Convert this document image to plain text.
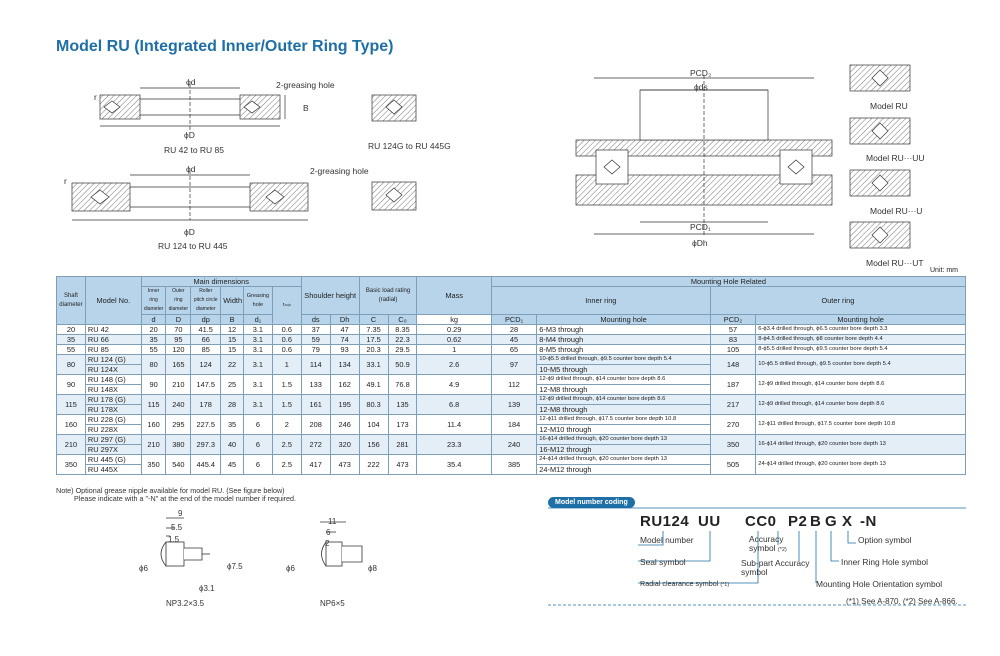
Model RU (Integrated Inner/Outer Ring Type)
ϕd	2-greasing hole
B
r
ϕD
RU 42 to RU 85	RU 124G to RU 445G
ϕd	2-greasing hole
r
ϕD
RU 124 to RU 445
PCD₂
ϕds
PCD₁
ϕDh
Model RU
Model RU···UU
Model RU···U
Model RU···UT
Unit: mm
Shaft diameter	Model No.	Main dimensions						Shoulder height		Basic load rating (radial)		Mass	Mounting Hole Related			
		Inner ring diameter	Outer ring diameter	Roller pitch circle diameter	Width	Greasing hole	rₘᵢₙ						Inner ring		Outer ring	
		d	D	dp	B	d₁		ds	Dh	C	C₀	kg	PCD₁	Mounting hole	PCD₂	Mounting hole
20	RU 42	20	70	41.5	12	3.1	0.6	37	47	7.35	8.35	0.29	28	6-M3 through	57	6-ϕ3.4 drilled through, ϕ6.5 counter bore depth 3.3
35	RU 66	35	95	66	15	3.1	0.6	59	74	17.5	22.3	0.62	45	8-M4 through	83	8-ϕ4.5 drilled through, ϕ8 counter bore depth 4.4
55	RU 85	55	120	85	15	3.1	0.6	79	93	20.3	29.5	1	65	8-M5 through	105	8-ϕ5.5 drilled through, ϕ9.5 counter bore depth 5.4
80	RU 124 (G)	80	165	124	22	3.1	1	114	134	33.1	50.9	2.6	97	10-ϕ5.5 drilled through, ϕ9.5 counter bore depth 5.4	148	10-ϕ5.5 drilled through, ϕ9.5 counter bore depth 5.4
	RU 124X													10-M5 through		
90	RU 148 (G)	90	210	147.5	25	3.1	1.5	133	162	49.1	76.8	4.9	112	12-ϕ9 drilled through, ϕ14 counter bore depth 8.6	187	12-ϕ9 drilled through, ϕ14 counter bore depth 8.6
	RU 148X													12-M8 through		
115	RU 178 (G)	115	240	178	28	3.1	1.5	161	195	80.3	135	6.8	139	12-ϕ9 drilled through, ϕ14 counter bore depth 8.6	217	12-ϕ9 drilled through, ϕ14 counter bore depth 8.6
	RU 178X													12-M8 through		
160	RU 228 (G)	160	295	227.5	35	6	2	208	246	104	173	11.4	184	12-ϕ11 drilled through, ϕ17.5 counter bore depth 10.8	270	12-ϕ11 drilled through, ϕ17.5 counter bore depth 10.8
	RU 228X													12-M10 through		
210	RU 297 (G)	210	380	297.3	40	6	2.5	272	320	156	281	23.3	240	16-ϕ14 drilled through, ϕ20 counter bore depth 13	350	16-ϕ14 drilled through, ϕ20 counter bore depth 13
	RU 297X													16-M12 through		
350	RU 445 (G)	350	540	445.4	45	6	2.5	417	473	222	473	35.4	385	24-ϕ14 drilled through, ϕ20 counter bore depth 13	505	24-ϕ14 drilled through, ϕ20 counter bore depth 13
	RU 445X													24-M12 through		
Note) Optional grease nipple available for model RU. (See figure below)
Please indicate with a "-N" at the end of the model number if required.
9
5.5
1.5
ϕ6	ϕ7.5
ϕ3.1
NP3.2×3.5
11
6
2
ϕ6	ϕ8
NP6×5
Model number coding
RU124 UU CC0 P2 B G X -N
Model number
Seal symbol
Radial clearance symbol (*1)
Accuracy symbol (*2)
Sub-part Accuracy symbol
Mounting Hole Orientation symbol
Inner Ring Hole symbol
Option symbol
(*1) See A-870. (*2) See A-866.
